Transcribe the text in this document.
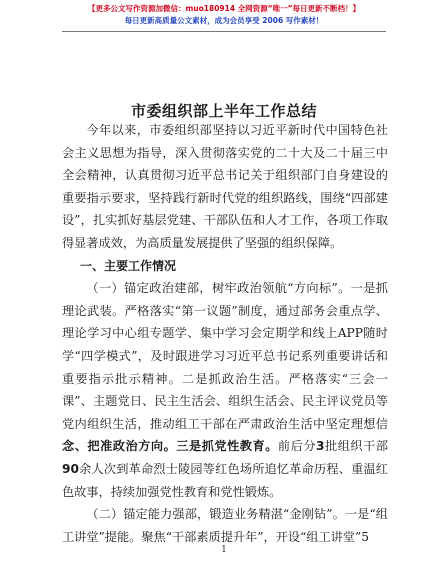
【更多公文写作资源加微信：muo180914 全网资源“唯一”每日更新不断档！】
每日更新高质量公文素材，成为会员享受 2006 写作素材！
市委组织部上半年工作总结

今年以来，市委组织部坚持以习近平新时代中国特色社会主义思想为指导，深入贯彻落实党的二十大及二十届三中全会精神，认真贯彻习近平总书记关于组织部门自身建设的重要指示要求，坚持践行新时代党的组织路线，围绕“四部建设”，扎实抓好基层党建、干部队伍和人才工作，各项工作取得显著成效，为高质量发展提供了坚强的组织保障。

一、主要工作情况

（一）锚定政治建部，树牢政治领航“方向标”。一是抓理论武装。严格落实“第一议题”制度，通过部务会重点学、理论学习中心组专题学、集中学习会定期学和线上APP随时学“四学模式”，及时跟进学习习近平总书记系列重要讲话和重要指示批示精神。二是抓政治生活。严格落实“三会一课”、主题党日、民主生活会、组织生活会、民主评议党员等党内组织生活，推动组工干部在严肃政治生活中坚定理想信念、把准政治方向。三是抓党性教育。前后分3批组织干部90余人次到革命烈士陵园等红色场所追忆革命历程、重温红色故事，持续加强党性教育和党性锻炼。

（二）锚定能力强部，锻造业务精湛“金刚钻”。一是“组工讲堂”提能。聚焦“干部素质提升年”，开设“组工讲堂”5

1
